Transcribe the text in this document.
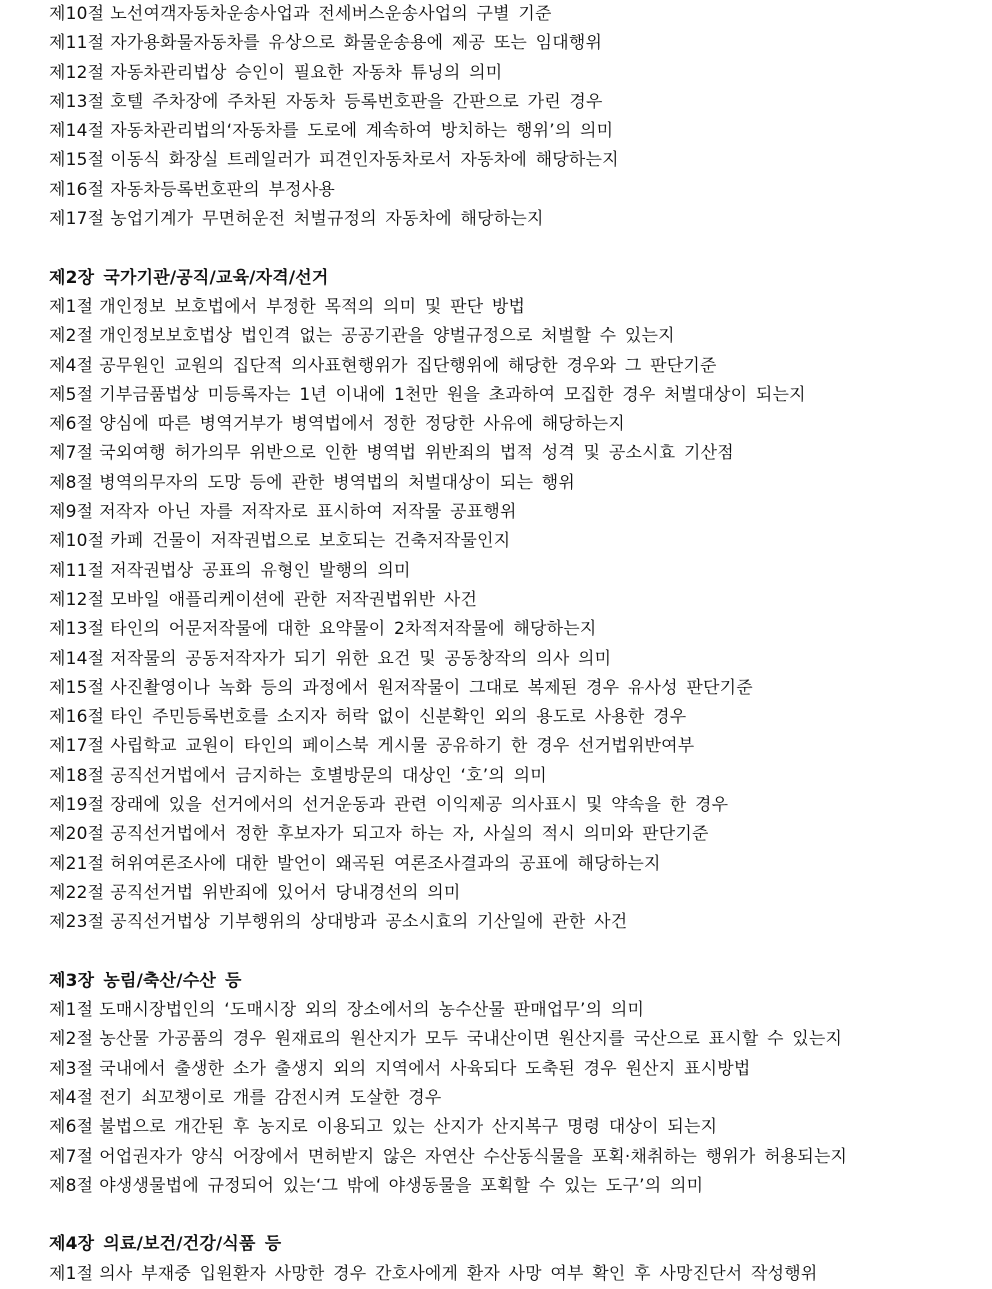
제10절 노선여객자동차운송사업과 전세버스운송사업의 구별 기준
제11절 자가용화물자동차를 유상으로 화물운송용에 제공 또는 임대행위
제12절 자동차관리법상 승인이 필요한 자동차 튜닝의 의미
제13절 호텔 주차장에 주차된 자동차 등록번호판을 간판으로 가린 경우
제14절 자동차관리법의‘자동차를 도로에 계속하여 방치하는 행위’의 의미
제15절 이동식 화장실 트레일러가 피견인자동차로서 자동차에 해당하는지
제16절 자동차등록번호판의 부정사용
제17절 농업기계가 무면허운전 처벌규정의 자동차에 해당하는지
제2장 국가기관/공직/교육/자격/선거
제1절 개인정보 보호법에서 부정한 목적의 의미 및 판단 방법
제2절 개인정보보호법상 법인격 없는 공공기관을 양벌규정으로 처벌할 수 있는지
제4절 공무원인 교원의 집단적 의사표현행위가 집단행위에 해당한 경우와 그 판단기준
제5절 기부금품법상 미등록자는 1년 이내에 1천만 원을 초과하여 모집한 경우 처벌대상이 되는지
제6절 양심에 따른 병역거부가 병역법에서 정한 정당한 사유에 해당하는지
제7절 국외여행 허가의무 위반으로 인한 병역법 위반죄의 법적 성격 및 공소시효 기산점
제8절 병역의무자의 도망 등에 관한 병역법의 처벌대상이 되는 행위
제9절 저작자 아닌 자를 저작자로 표시하여 저작물 공표행위
제10절 카페 건물이 저작권법으로 보호되는 건축저작물인지
제11절 저작권법상 공표의 유형인 발행의 의미
제12절 모바일 애플리케이션에 관한 저작권법위반 사건
제13절 타인의 어문저작물에 대한 요약물이 2차적저작물에 해당하는지
제14절 저작물의 공동저작자가 되기 위한 요건 및 공동창작의 의사 의미
제15절 사진촬영이나 녹화 등의 과정에서 원저작물이 그대로 복제된 경우 유사성 판단기준
제16절 타인 주민등록번호를 소지자 허락 없이 신분확인 외의 용도로 사용한 경우
제17절 사립학교 교원이 타인의 페이스북 게시물 공유하기 한 경우 선거법위반여부
제18절 공직선거법에서 금지하는 호별방문의 대상인 ‘호’의 의미
제19절 장래에 있을 선거에서의 선거운동과 관련 이익제공 의사표시 및 약속을 한 경우
제20절 공직선거법에서 정한 후보자가 되고자 하는 자, 사실의 적시 의미와 판단기준
제21절 허위여론조사에 대한 발언이 왜곡된 여론조사결과의 공표에 해당하는지
제22절 공직선거법 위반죄에 있어서 당내경선의 의미
제23절 공직선거법상 기부행위의 상대방과 공소시효의 기산일에 관한 사건
제3장 농림/축산/수산 등
제1절 도매시장법인의 ‘도매시장 외의 장소에서의 농수산물 판매업무’의 의미
제2절 농산물 가공품의 경우 원재료의 원산지가 모두 국내산이면 원산지를 국산으로 표시할 수 있는지
제3절 국내에서 출생한 소가 출생지 외의 지역에서 사육되다 도축된 경우 원산지 표시방법
제4절 전기 쇠꼬챙이로 개를 감전시켜 도살한 경우
제6절 불법으로 개간된 후 농지로 이용되고 있는 산지가 산지복구 명령 대상이 되는지
제7절 어업권자가 양식 어장에서 면허받지 않은 자연산 수산동식물을 포획·채취하는 행위가 허용되는지
제8절 야생생물법에 규정되어 있는‘그 밖에 야생동물을 포획할 수 있는 도구’의 의미
제4장 의료/보건/건강/식품 등
제1절 의사 부재중 입원환자 사망한 경우 간호사에게 환자 사망 여부 확인 후 사망진단서 작성행위
